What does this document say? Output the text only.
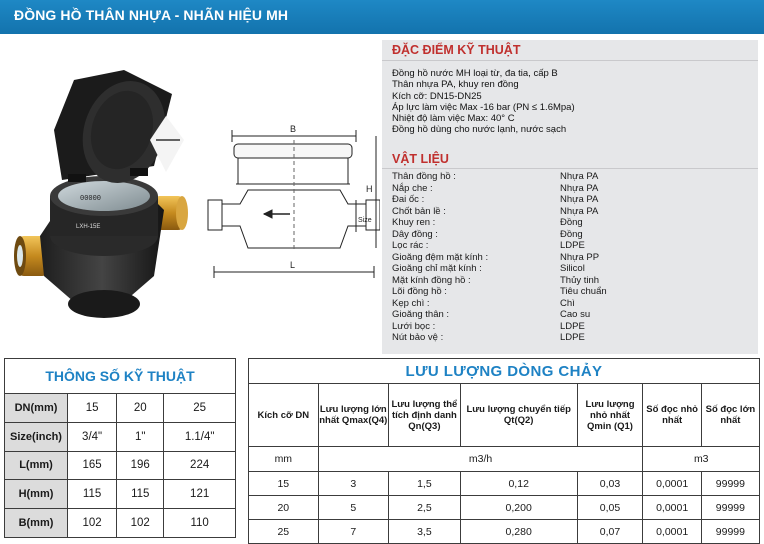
ĐỒNG HỒ THÂN NHỰA - NHÃN HIỆU MH
00000
LXH-15E
B
H
Size
L
ĐẶC ĐIỂM KỸ THUẬT
Đồng hồ nước MH loại từ, đa tia, cấp B
Thân nhựa PA, khuy ren đồng
Kích cỡ: DN15-DN25
Áp lực làm việc Max -16 bar (PN ≤ 1.6Mpa)
Nhiệt độ làm việc Max: 40° C
Đồng hồ dùng cho nước lạnh, nước sạch
VẬT LIỆU
Thân đồng hồ :	Nhựa PA
Nắp che :	Nhựa PA
Đai ốc :	Nhựa PA
Chốt bản lề :	Nhựa PA
Khuy ren :	Đồng
Dây đồng :	Đồng
Lọc rác :	LDPE
Gioăng đệm mặt kính :	Nhựa PP
Gioăng chỉ mặt kính :	Silicol
Mặt kính đồng hồ :	Thủy tinh
Lõi đồng hồ :	Tiêu chuẩn
Kẹp chì :	Chì
Gioăng thân :	Cao su
Lưới bọc :	LDPE
Nút bảo vệ :	LDPE
THÔNG SỐ KỸ THUẬT			
DN(mm)	15	20	25
Size(inch)	3/4"	1"	1.1/4"
L(mm)	165	196	224
H(mm)	115	115	121
B(mm)	102	102	110
LƯU LƯỢNG DÒNG CHẢY						
Kích cỡ DN	Lưu lượng lớn nhất Qmax(Q4)	Lưu lượng thể tích định danh Qn(Q3)	Lưu lượng chuyển tiếp Qt(Q2)	Lưu lượng nhỏ nhất Qmin (Q1)	Số đọc nhỏ nhất	Số đọc lớn nhất
mm	m3/h				m3	
15	3	1,5	0,12	0,03	0,0001	99999
20	5	2,5	0,200	0,05	0,0001	99999
25	7	3,5	0,280	0,07	0,0001	99999
